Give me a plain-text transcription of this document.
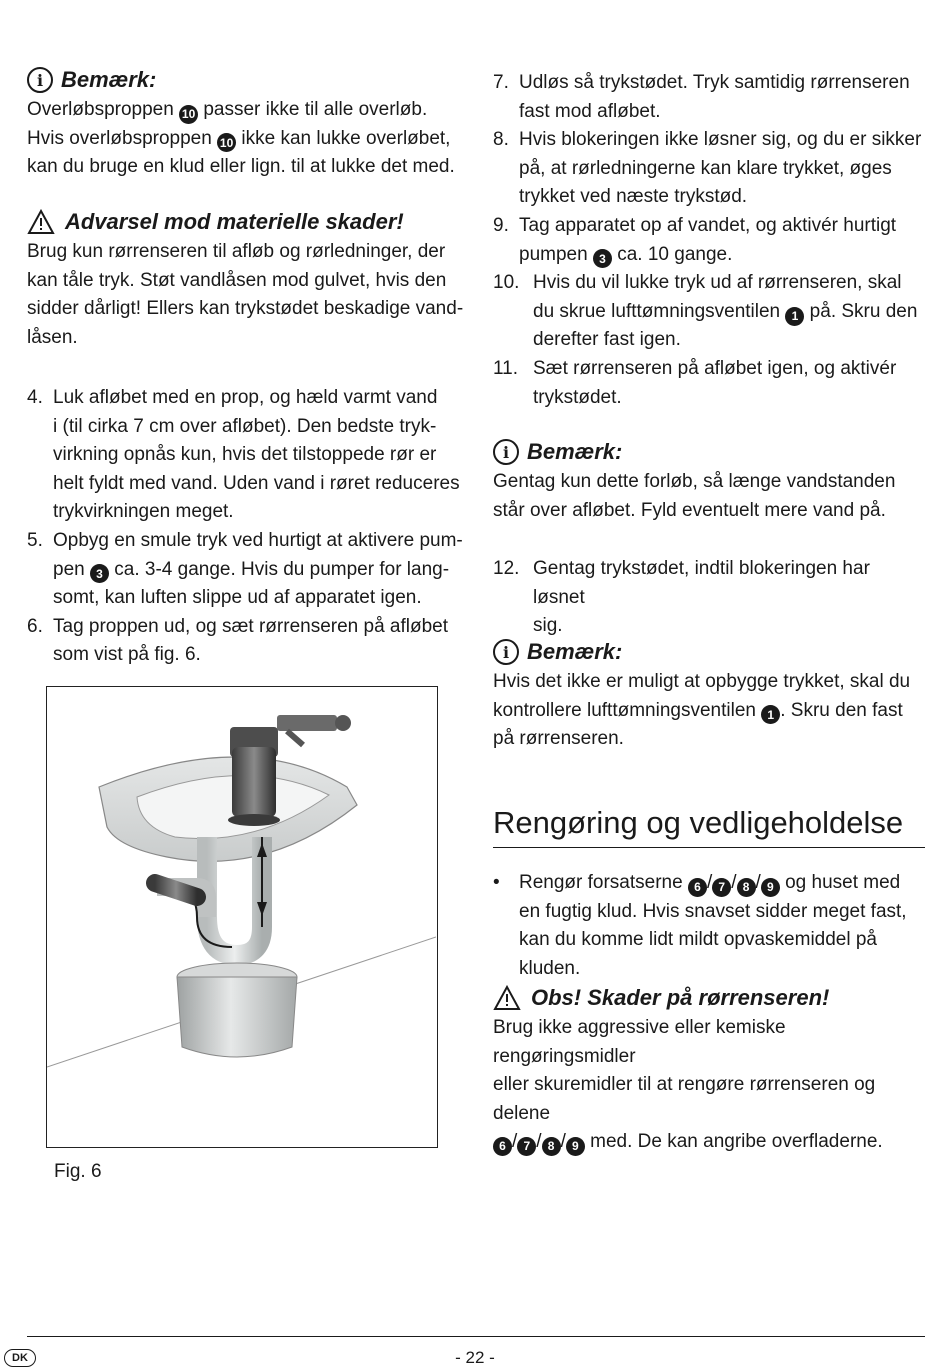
i Bemærk:
Overløbsproppen 10 passer ikke til alle overløb.
Hvis overløbsproppen 10 ikke kan lukke overløbet,
kan du bruge en klud eller lign. til at lukke det med.
Advarsel mod materielle skader!
Brug kun rørrenseren til afløb og rørledninger, der
kan tåle tryk. Støt vandlåsen mod gulvet, hvis den
sidder dårligt! Ellers kan trykstødet beskadige vand-
låsen.
4. Luk afløbet med en prop, og hæld varmt vand
i (til cirka 7 cm over afløbet). Den bedste tryk-
virkning opnås kun, hvis det tilstoppede rør er
helt fyldt med vand. Uden vand i røret reduceres
trykvirkningen meget.
5. Opbyg en smule tryk ved hurtigt at aktivere pum-
pen 3 ca. 3-4 gange. Hvis du pumper for lang-
somt, kan luften slippe ud af apparatet igen.
6. Tag proppen ud, og sæt rørrenseren på afløbet
som vist på fig. 6.
Fig. 6
7. Udløs så trykstødet. Tryk samtidig rørrenseren
fast mod afløbet.
8. Hvis blokeringen ikke løsner sig, og du er sikker
på, at rørledningerne kan klare trykket, øges
trykket ved næste trykstød.
9. Tag apparatet op af vandet, og aktivér hurtigt
pumpen 3 ca. 10 gange.
10. Hvis du vil lukke tryk ud af rørrenseren, skal
du skrue lufttømningsventilen 1 på. Skru den
derefter fast igen.
11. Sæt rørrenseren på afløbet igen, og aktivér
trykstødet.
i Bemærk:
Gentag kun dette forløb, så længe vandstanden
står over afløbet. Fyld eventuelt mere vand på.
12. Gentag trykstødet, indtil blokeringen har løsnet
sig.
i Bemærk:
Hvis det ikke er muligt at opbygge trykket, skal du
kontrollere lufttømningsventilen 1 . Skru den fast
på rørrenseren.
Rengøring og vedligeholdelse
•	Rengør forsatserne 6 / 7 / 8 / 9 og huset med
en fugtig klud. Hvis snavset sidder meget fast,
kan du komme lidt mildt opvaskemiddel på kluden.
Obs! Skader på rørrenseren!
Brug ikke aggressive eller kemiske rengøringsmidler
eller skuremidler til at rengøre rørrenseren og delene
6 / 7 / 8 / 9 med. De kan angribe overfladerne.
DK	- 22 -
